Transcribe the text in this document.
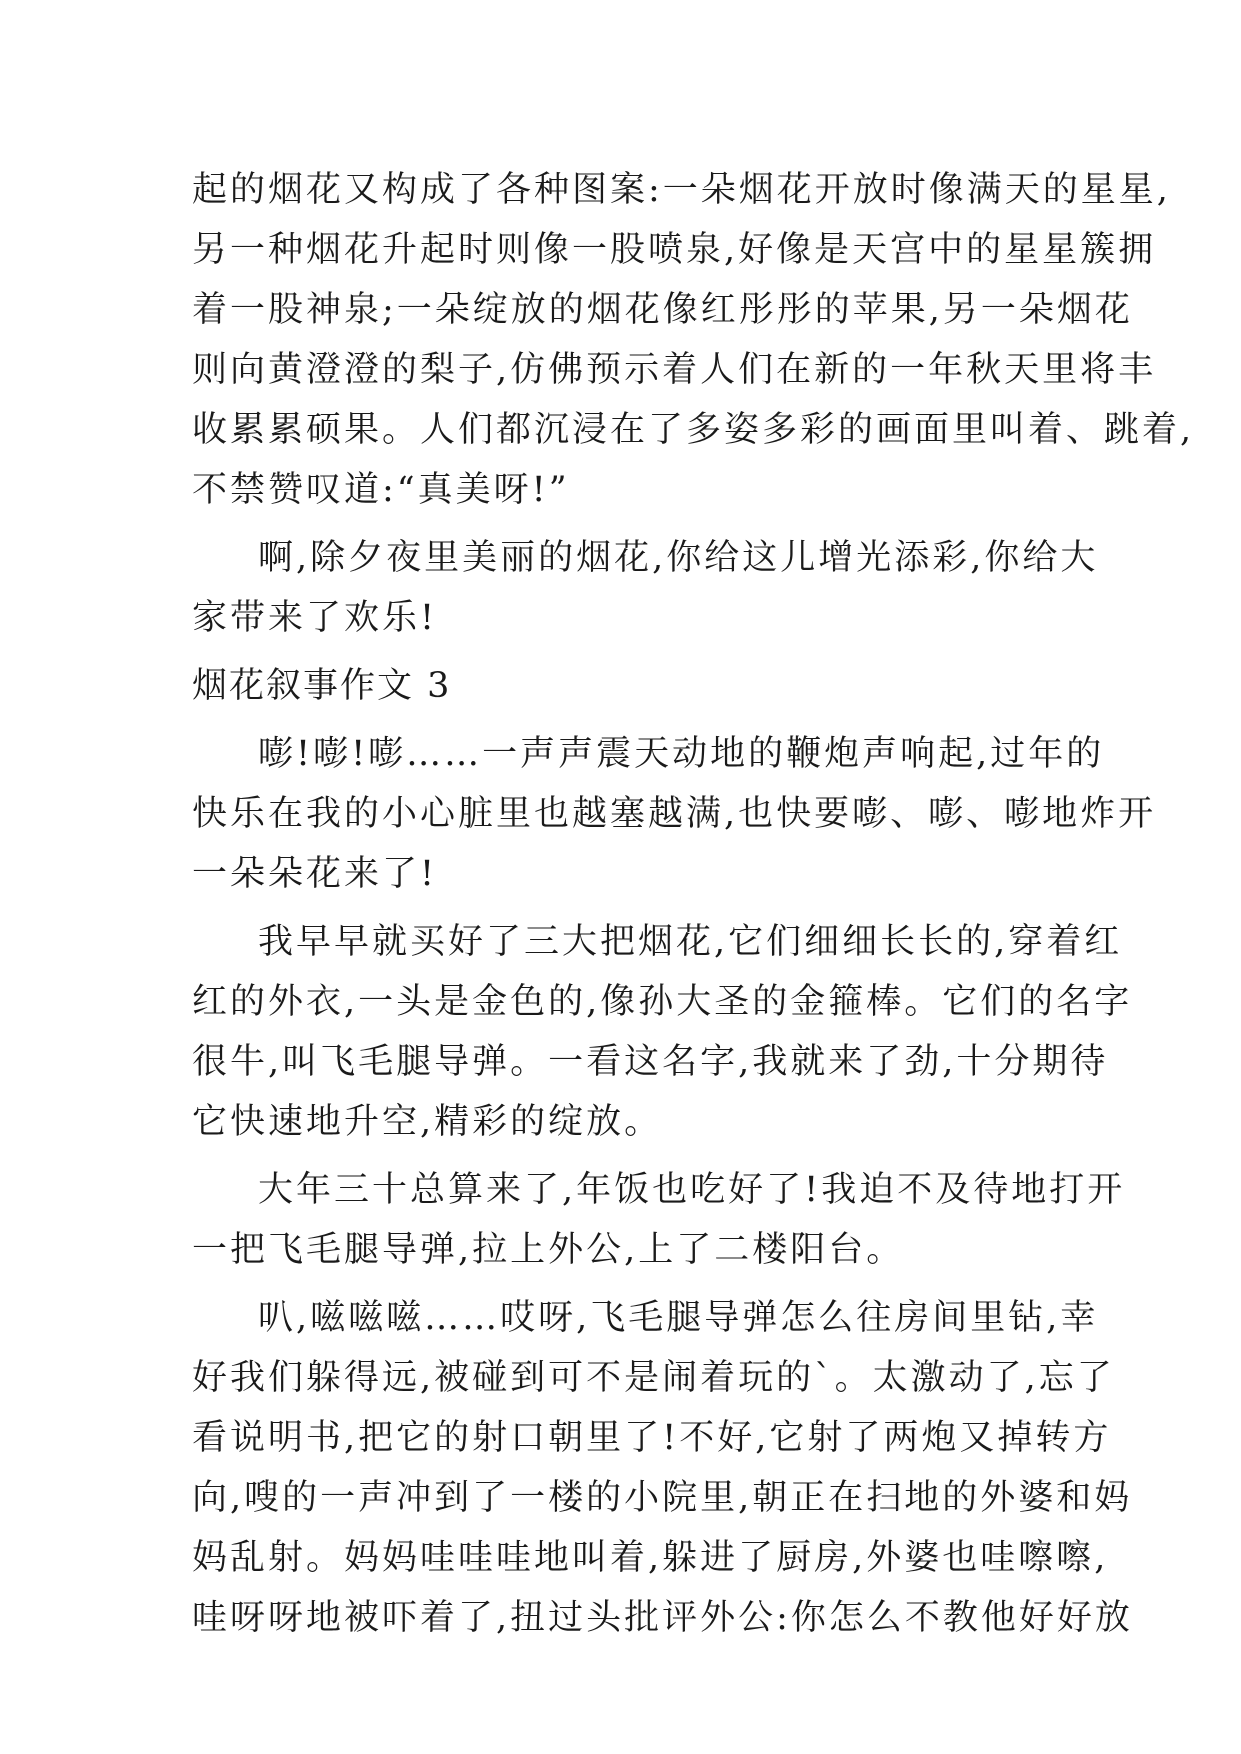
起的烟花又构成了各种图案:一朵烟花开放时像满天的星星,
另一种烟花升起时则像一股喷泉,好像是天宫中的星星簇拥
着一股神泉;一朵绽放的烟花像红彤彤的苹果,另一朵烟花
则向黄澄澄的梨子,仿佛预示着人们在新的一年秋天里将丰
收累累硕果。人们都沉浸在了多姿多彩的画面里叫着、跳着,
不禁赞叹道:“真美呀!”
啊,除夕夜里美丽的烟花,你给这儿增光添彩,你给大
家带来了欢乐!
烟花叙事作文 3
嘭!嘭!嘭……一声声震天动地的鞭炮声响起,过年的
快乐在我的小心脏里也越塞越满,也快要嘭、嘭、嘭地炸开
一朵朵花来了!
我早早就买好了三大把烟花,它们细细长长的,穿着红
红的外衣,一头是金色的,像孙大圣的金箍棒。它们的名字
很牛,叫飞毛腿导弹。一看这名字,我就来了劲,十分期待
它快速地升空,精彩的绽放。
大年三十总算来了,年饭也吃好了!我迫不及待地打开
一把飞毛腿导弹,拉上外公,上了二楼阳台。
叭,嗞嗞嗞……哎呀,飞毛腿导弹怎么往房间里钻,幸
好我们躲得远,被碰到可不是闹着玩的`。太激动了,忘了
看说明书,把它的射口朝里了!不好,它射了两炮又掉转方
向,嗖的一声冲到了一楼的小院里,朝正在扫地的外婆和妈
妈乱射。妈妈哇哇哇地叫着,躲进了厨房,外婆也哇嚓嚓,
哇呀呀地被吓着了,扭过头批评外公:你怎么不教他好好放
